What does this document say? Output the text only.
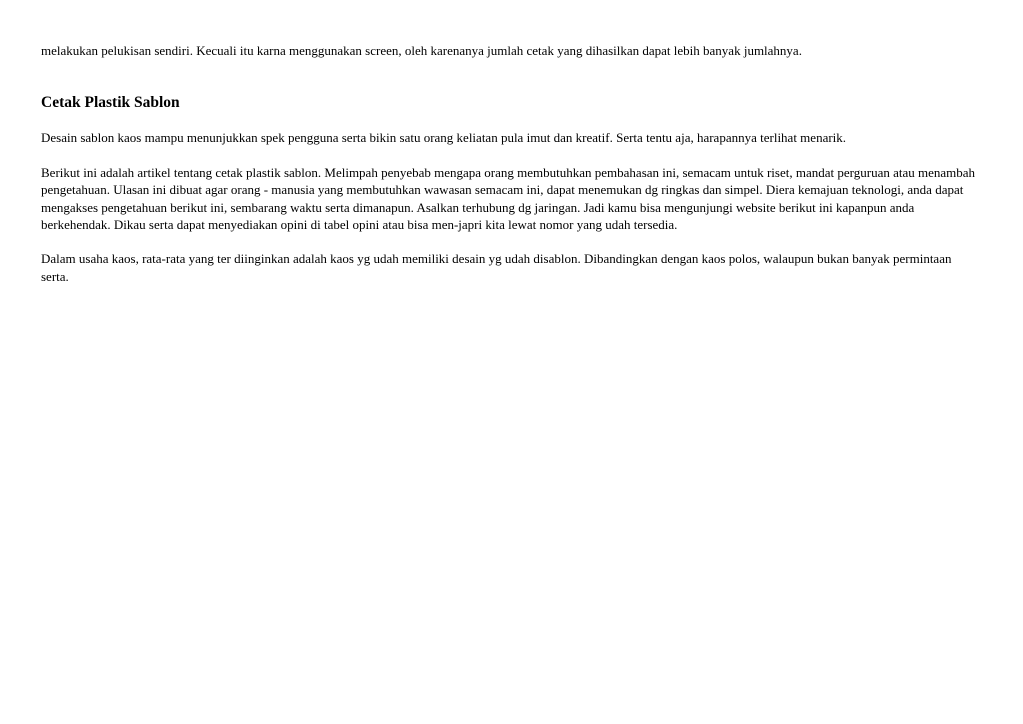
melakukan pelukisan sendiri. Kecuali itu karna menggunakan screen, oleh karenanya jumlah cetak yang dihasilkan dapat lebih banyak jumlahnya.

Cetak Plastik Sablon

Desain sablon kaos mampu menunjukkan spek pengguna serta bikin satu orang keliatan pula imut dan kreatif. Serta tentu aja, harapannya terlihat menarik.

Berikut ini adalah artikel tentang cetak plastik sablon. Melimpah penyebab mengapa orang membutuhkan pembahasan ini, semacam untuk riset, mandat perguruan atau menambah pengetahuan. Ulasan ini dibuat agar orang - manusia yang membutuhkan wawasan semacam ini, dapat menemukan dg ringkas dan simpel. Diera kemajuan teknologi, anda dapat mengakses pengetahuan berikut ini, sembarang waktu serta dimanapun. Asalkan terhubung dg jaringan. Jadi kamu bisa mengunjungi website berikut ini kapanpun anda berkehendak. Dikau serta dapat menyediakan opini di tabel opini atau bisa men-japri kita lewat nomor yang udah tersedia.

Dalam usaha kaos, rata-rata yang ter diinginkan adalah kaos yg udah memiliki desain yg udah disablon. Dibandingkan dengan kaos polos, walaupun bukan banyak permintaan serta.
